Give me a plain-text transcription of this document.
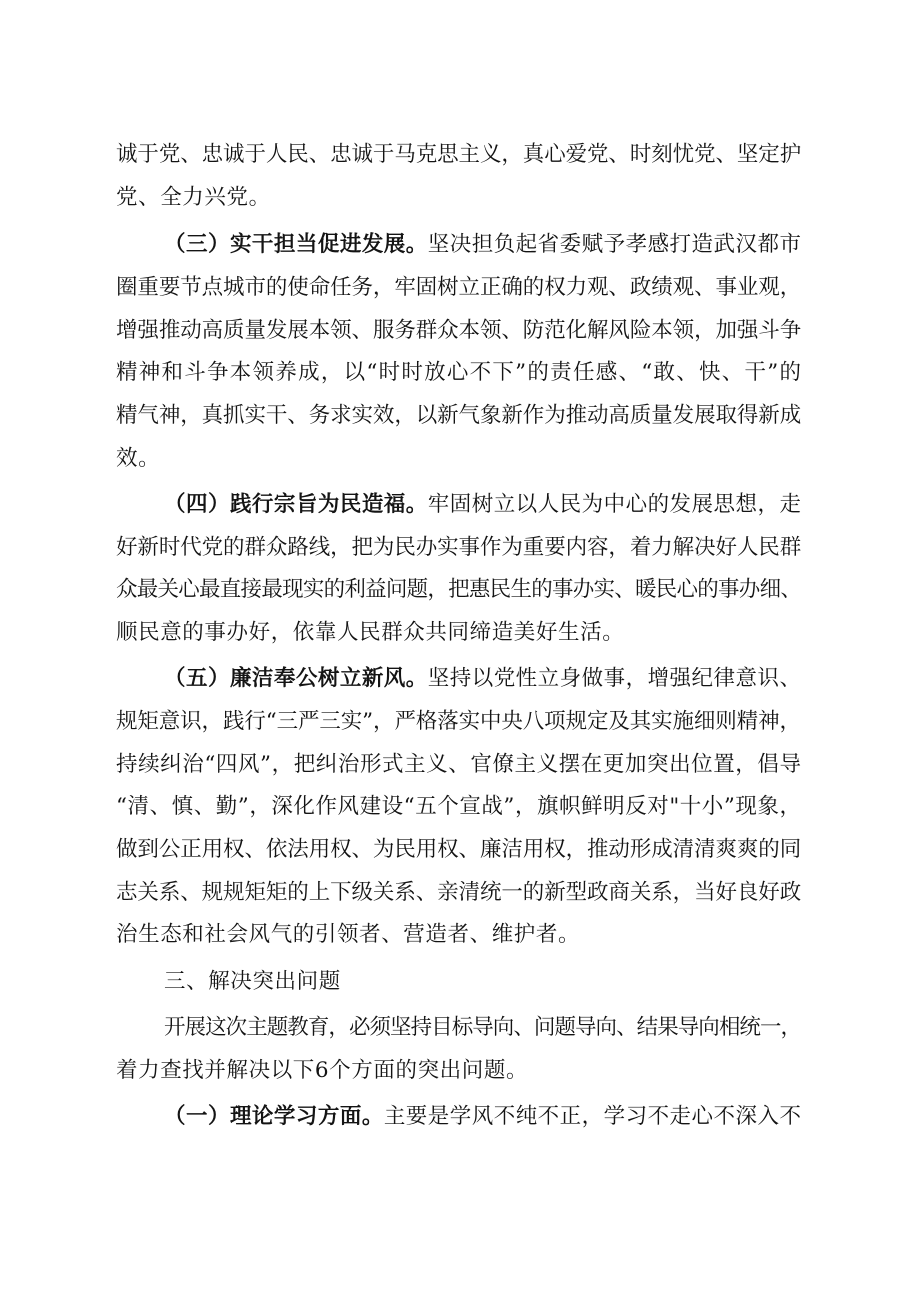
诚于党、忠诚于人民、忠诚于马克思主义，真心爱党、时刻忧党、坚定护
党、全力兴党。
（三）实干担当促进发展。坚决担负起省委赋予孝感打造武汉都市
圈重要节点城市的使命任务，牢固树立正确的权力观、政绩观、事业观，
增强推动高质量发展本领、服务群众本领、防范化解风险本领，加强斗争
精神和斗争本领养成，以“时时放心不下”的责任感、“敢、快、干”的
精气神，真抓实干、务求实效，以新气象新作为推动高质量发展取得新成
效。
（四）践行宗旨为民造福。牢固树立以人民为中心的发展思想，走
好新时代党的群众路线，把为民办实事作为重要内容，着力解决好人民群
众最关心最直接最现实的利益问题，把惠民生的事办实、暖民心的事办细、
顺民意的事办好，依靠人民群众共同缔造美好生活。
（五）廉洁奉公树立新风。坚持以党性立身做事，增强纪律意识、
规矩意识，践行“三严三实”，严格落实中央八项规定及其实施细则精神，
持续纠治“四风”，把纠治形式主义、官僚主义摆在更加突出位置，倡导
“清、慎、勤”，深化作风建设“五个宣战”，旗帜鲜明反对"十小”现象，
做到公正用权、依法用权、为民用权、廉洁用权，推动形成清清爽爽的同
志关系、规规矩矩的上下级关系、亲清统一的新型政商关系，当好良好政
治生态和社会风气的引领者、营造者、维护者。
三、解决突出问题
开展这次主题教育，必须坚持目标导向、问题导向、结果导向相统一，
着力查找并解决以下6个方面的突出问题。
（一）理论学习方面。主要是学风不纯不正，学习不走心不深入不
